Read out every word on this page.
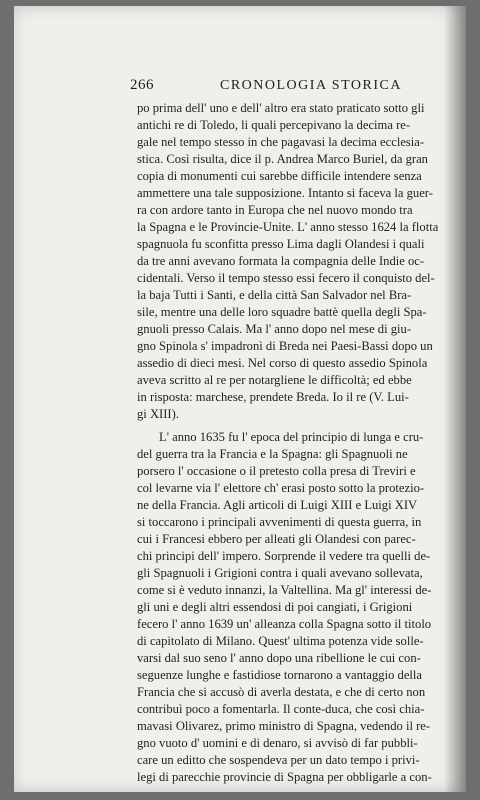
266	CRONOLOGIA STORICA
po prima dell' uno e dell' altro era stato praticato sotto gli
antichi re di Toledo, li quali percepivano la decima re-
gale nel tempo stesso in che pagavasi la decima ecclesia-
stica. Così risulta, dice il p. Andrea Marco Buriel, da gran
copia di monumenti cui sarebbe difficile intendere senza
ammettere una tale supposizione. Intanto si faceva la guer-
ra con ardore tanto in Europa che nel nuovo mondo tra
la Spagna e le Provincie-Unite. L' anno stesso 1624 la flotta
spagnuola fu sconfitta presso Lima dagli Olandesi i quali
da tre anni avevano formata la compagnia delle Indie oc-
cidentali. Verso il tempo stesso essi fecero il conquisto del-
la baja Tutti i Santi, e della città San Salvador nel Bra-
sile, mentre una delle loro squadre battè quella degli Spa-
gnuoli presso Calais. Ma l' anno dopo nel mese di giu-
gno Spinola s' impadronì di Breda nei Paesi-Bassi dopo un
assedio di dieci mesi. Nel corso di questo assedio Spinola
aveva scritto al re per notargliene le difficoltà; ed ebbe
in risposta: marchese, prendete Breda. Io il re (V. Lui-
gi XIII).
L' anno 1635 fu l' epoca del principio di lunga e cru-
del guerra tra la Francia e la Spagna: gli Spagnuoli ne
porsero l' occasione o il pretesto colla presa di Treviri e
col levarne via l' elettore ch' erasi posto sotto la protezio-
ne della Francia. Agli articoli di Luigi XIII e Luigi XIV
si toccarono i principali avvenimenti di questa guerra, in
cui i Francesi ebbero per alleati gli Olandesi con parec-
chi principi dell' impero. Sorprende il vedere tra quelli de-
gli Spagnuoli i Grigioni contra i quali avevano sollevata,
come si è veduto innanzi, la Valtellina. Ma gl' interessi de-
gli uni e degli altri essendosi di poi cangiati, i Grigioni
fecero l' anno 1639 un' alleanza colla Spagna sotto il titolo
di capitolato di Milano. Quest' ultima potenza vide solle-
varsi dal suo seno l' anno dopo una ribellione le cui con-
seguenze lunghe e fastidiose tornarono a vantaggio della
Francia che si accusò di averla destata, e che di certo non
contribuì poco a fomentarla. Il conte-duca, che così chia-
mavasi Olivarez, primo ministro di Spagna, vedendo il re-
gno vuoto d' uomini e di denaro, si avvisò di far pubbli-
care un editto che sospendeva per un dato tempo i privi-
legi di parecchie provincie di Spagna per obbligarle a con-
